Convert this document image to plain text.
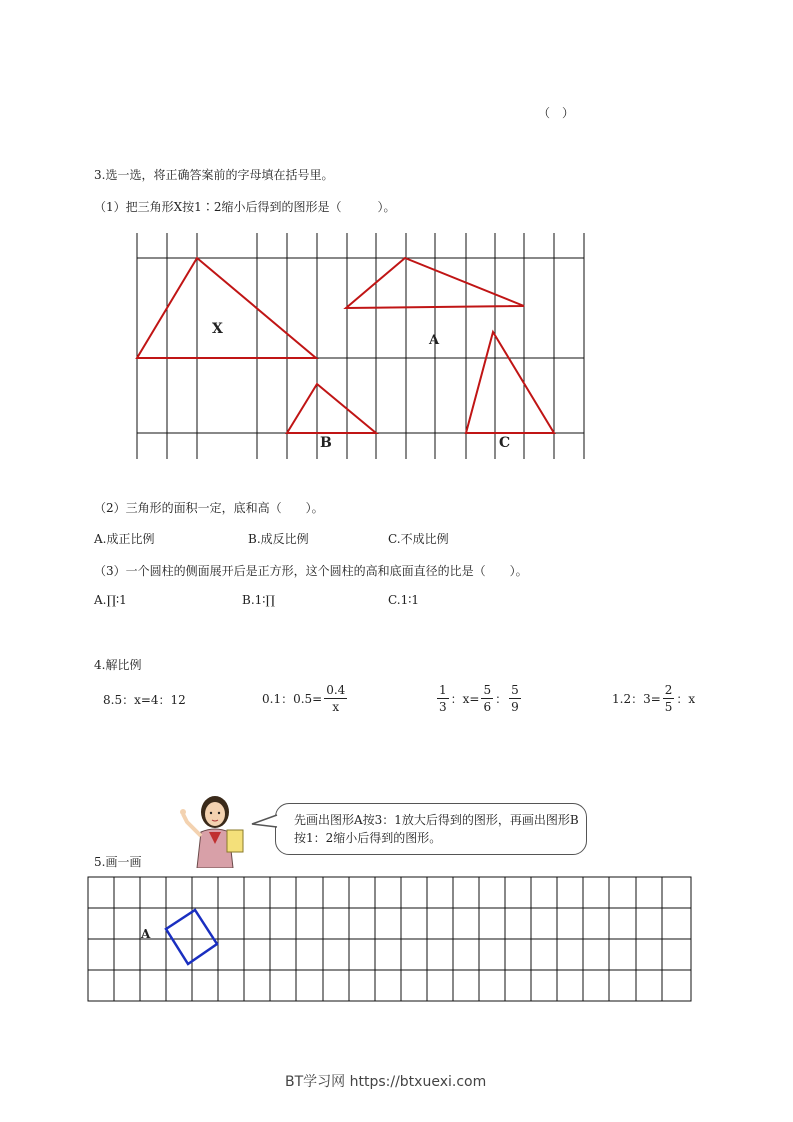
（　）
3.选一选，将正确答案前的字母填在括号里。
（1）把三角形X按1∶2缩小后得到的图形是（　　　）。
X
A
B	C
（2）三角形的面积一定，底和高（　　）。
A.成正比例	B.成反比例	C.不成比例
（3）一个圆柱的侧面展开后是正方形，这个圆柱的高和底面直径的比是（　　）。
A.∏∶1	B.1∶∏	C.1∶1
4.解比例
8.5：x=4：12	0.1：$0.5= \frac{0.4}{x}$	$\frac{1}{3}$ ：$x= \frac{5}{6}$ ： $\frac{5}{9}$	1.2：$3= \frac{2}{5}$ ：x
先画出图形A按3：1放大后得到的图形，再画出图形B按1：2缩小后得到的图形。
5.画一画
A
BT学习网 https://btxuexi.com
